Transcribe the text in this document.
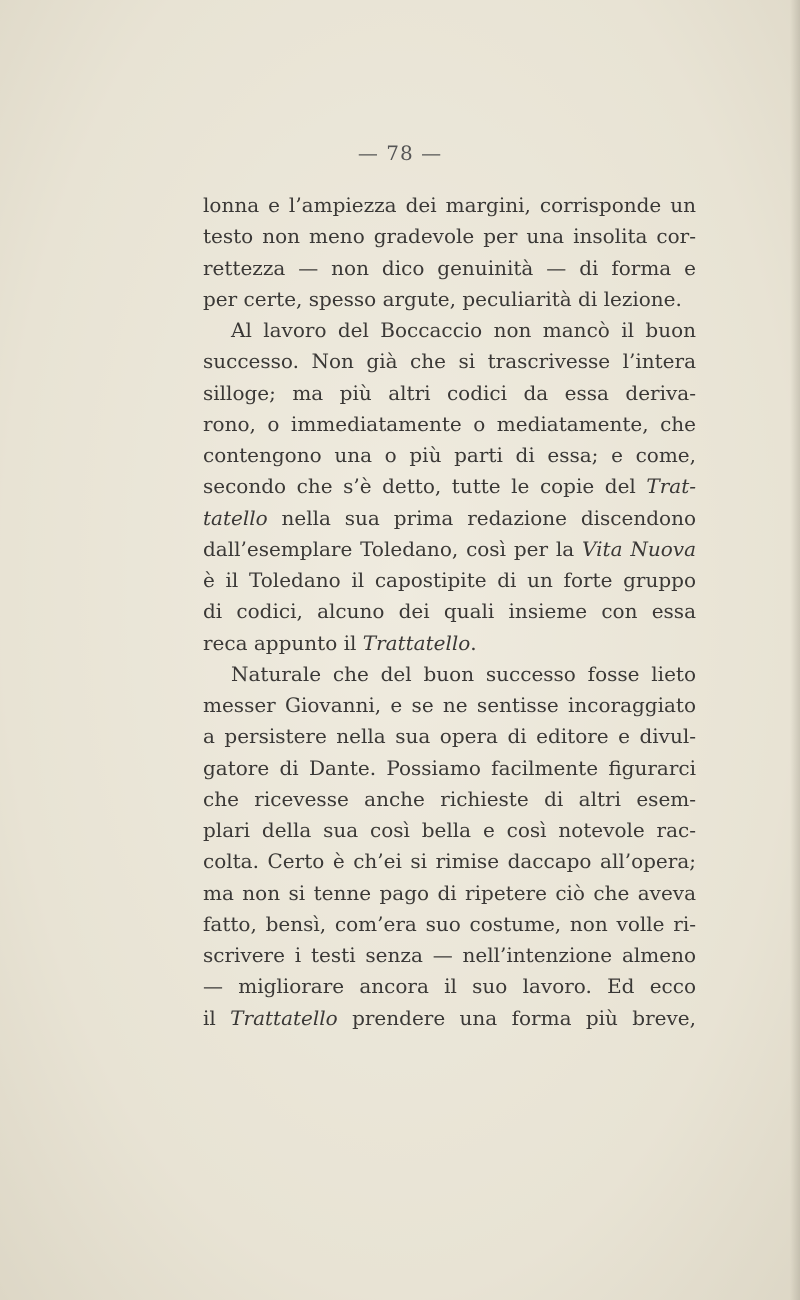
— 78 —
lonna e l’ampiezza dei margini, corrisponde un
testo non meno gradevole per una insolita cor-
rettezza — non dico genuinità — di forma e
per certe, spesso argute, peculiarità di lezione.
Al lavoro del Boccaccio non mancò il buon
successo. Non già che si trascrivesse l’intera
silloge; ma più altri codici da essa deriva-
rono, o immediatamente o mediatamente, che
contengono una o più parti di essa; e come,
secondo che s’è detto, tutte le copie del Trat-
tatello nella sua prima redazione discendono
dall’esemplare Toledano, così per la Vita Nuova
è il Toledano il capostipite di un forte gruppo
di codici, alcuno dei quali insieme con essa
reca appunto il Trattatello.
Naturale che del buon successo fosse lieto
messer Giovanni, e se ne sentisse incoraggiato
a persistere nella sua opera di editore e divul-
gatore di Dante. Possiamo facilmente figurarci
che ricevesse anche richieste di altri esem-
plari della sua così bella e così notevole rac-
colta. Certo è ch’ei si rimise daccapo all’opera;
ma non si tenne pago di ripetere ciò che aveva
fatto, bensì, com’era suo costume, non volle ri-
scrivere i testi senza — nell’intenzione almeno
— migliorare ancora il suo lavoro. Ed ecco
il Trattatello prendere una forma più breve,
